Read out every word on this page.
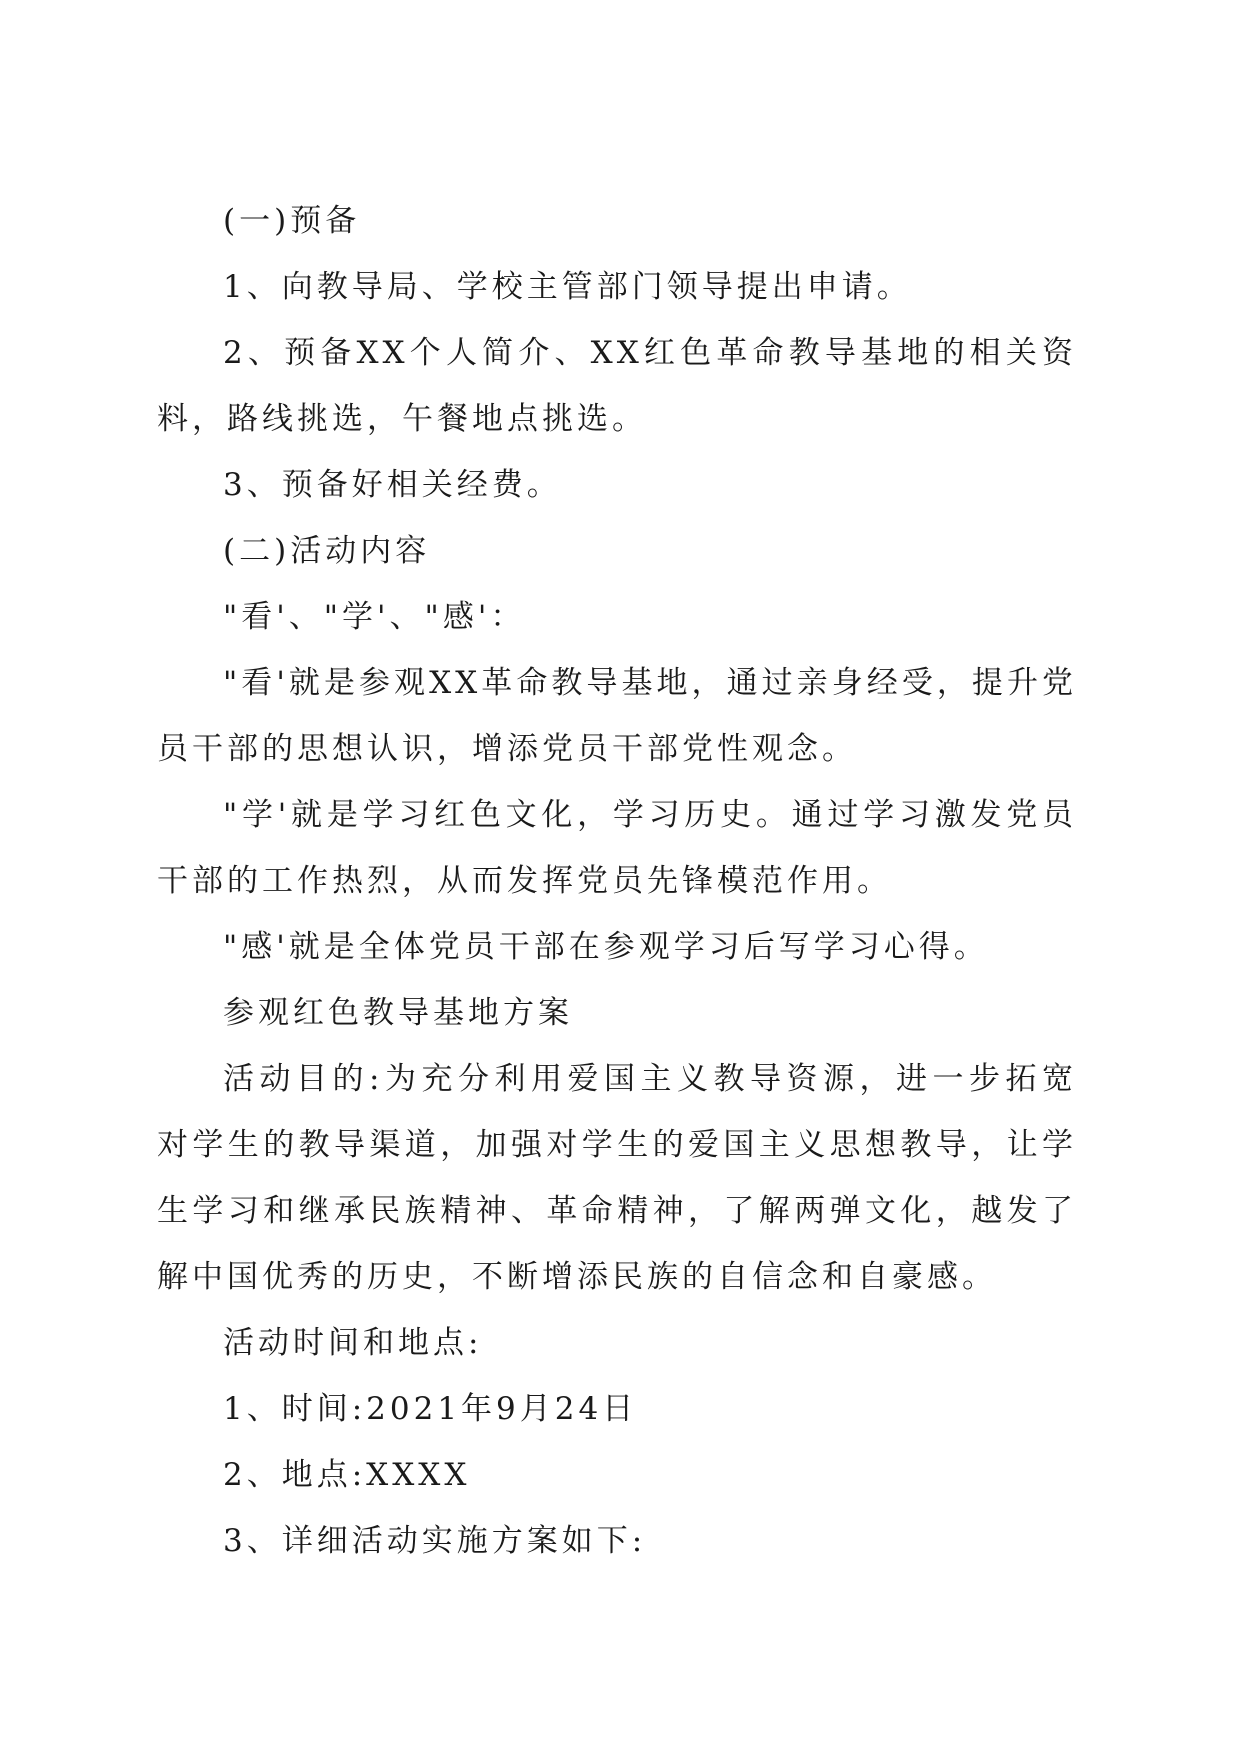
(一)预备

1、向教导局、学校主管部门领导提出申请。

2、预备XX个人简介、XX红色革命教导基地的相关资料，路线挑选，午餐地点挑选。

3、预备好相关经费。

(二)活动内容

"看'、"学'、"感'：

"看'就是参观XX革命教导基地，通过亲身经受，提升党员干部的思想认识，增添党员干部党性观念。

"学'就是学习红色文化，学习历史。通过学习激发党员干部的工作热烈，从而发挥党员先锋模范作用。

"感'就是全体党员干部在参观学习后写学习心得。

参观红色教导基地方案

活动目的:为充分利用爱国主义教导资源，进一步拓宽对学生的教导渠道，加强对学生的爱国主义思想教导，让学生学习和继承民族精神、革命精神，了解两弹文化，越发了解中国优秀的历史，不断增添民族的自信念和自豪感。

活动时间和地点:

1、时间:2021年9月24日

2、地点:XXXX

3、详细活动实施方案如下:
